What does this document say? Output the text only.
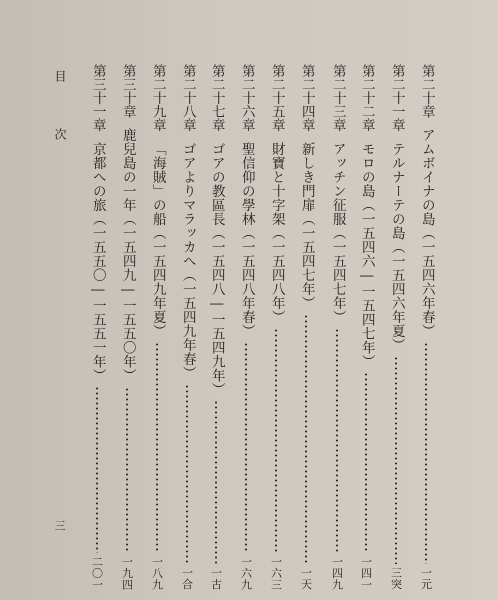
目
次
三
第二十章
アムボイナの島（一五四六年春）
一元
第二十一章
テルナーテの島（一五四六年夏）
三突
第二十二章
モロの島（一五四六―一五四七年）
一四一
第二十三章
アッチン征服（一五四七年）
一四九
第二十四章
新しき門扉（一五四七年）
一天
第二十五章
財寶と十字架（一五四八年）
一六三
第二十六章
聖信仰の學林（一五四八年春）
一六九
第二十七章
ゴアの教區長（一五四八―一五四九年）
一古
第二十八章
ゴアよりマラッカへ（一五四九年春）
一合
第二十九章
「海賊」の船（一五四九年夏）
一八九
第三十章
鹿兒島の一年（一五四九―一五五〇年）
一九四
第三十一章
京都への旅（一五五〇―一五五一年）
二〇一
